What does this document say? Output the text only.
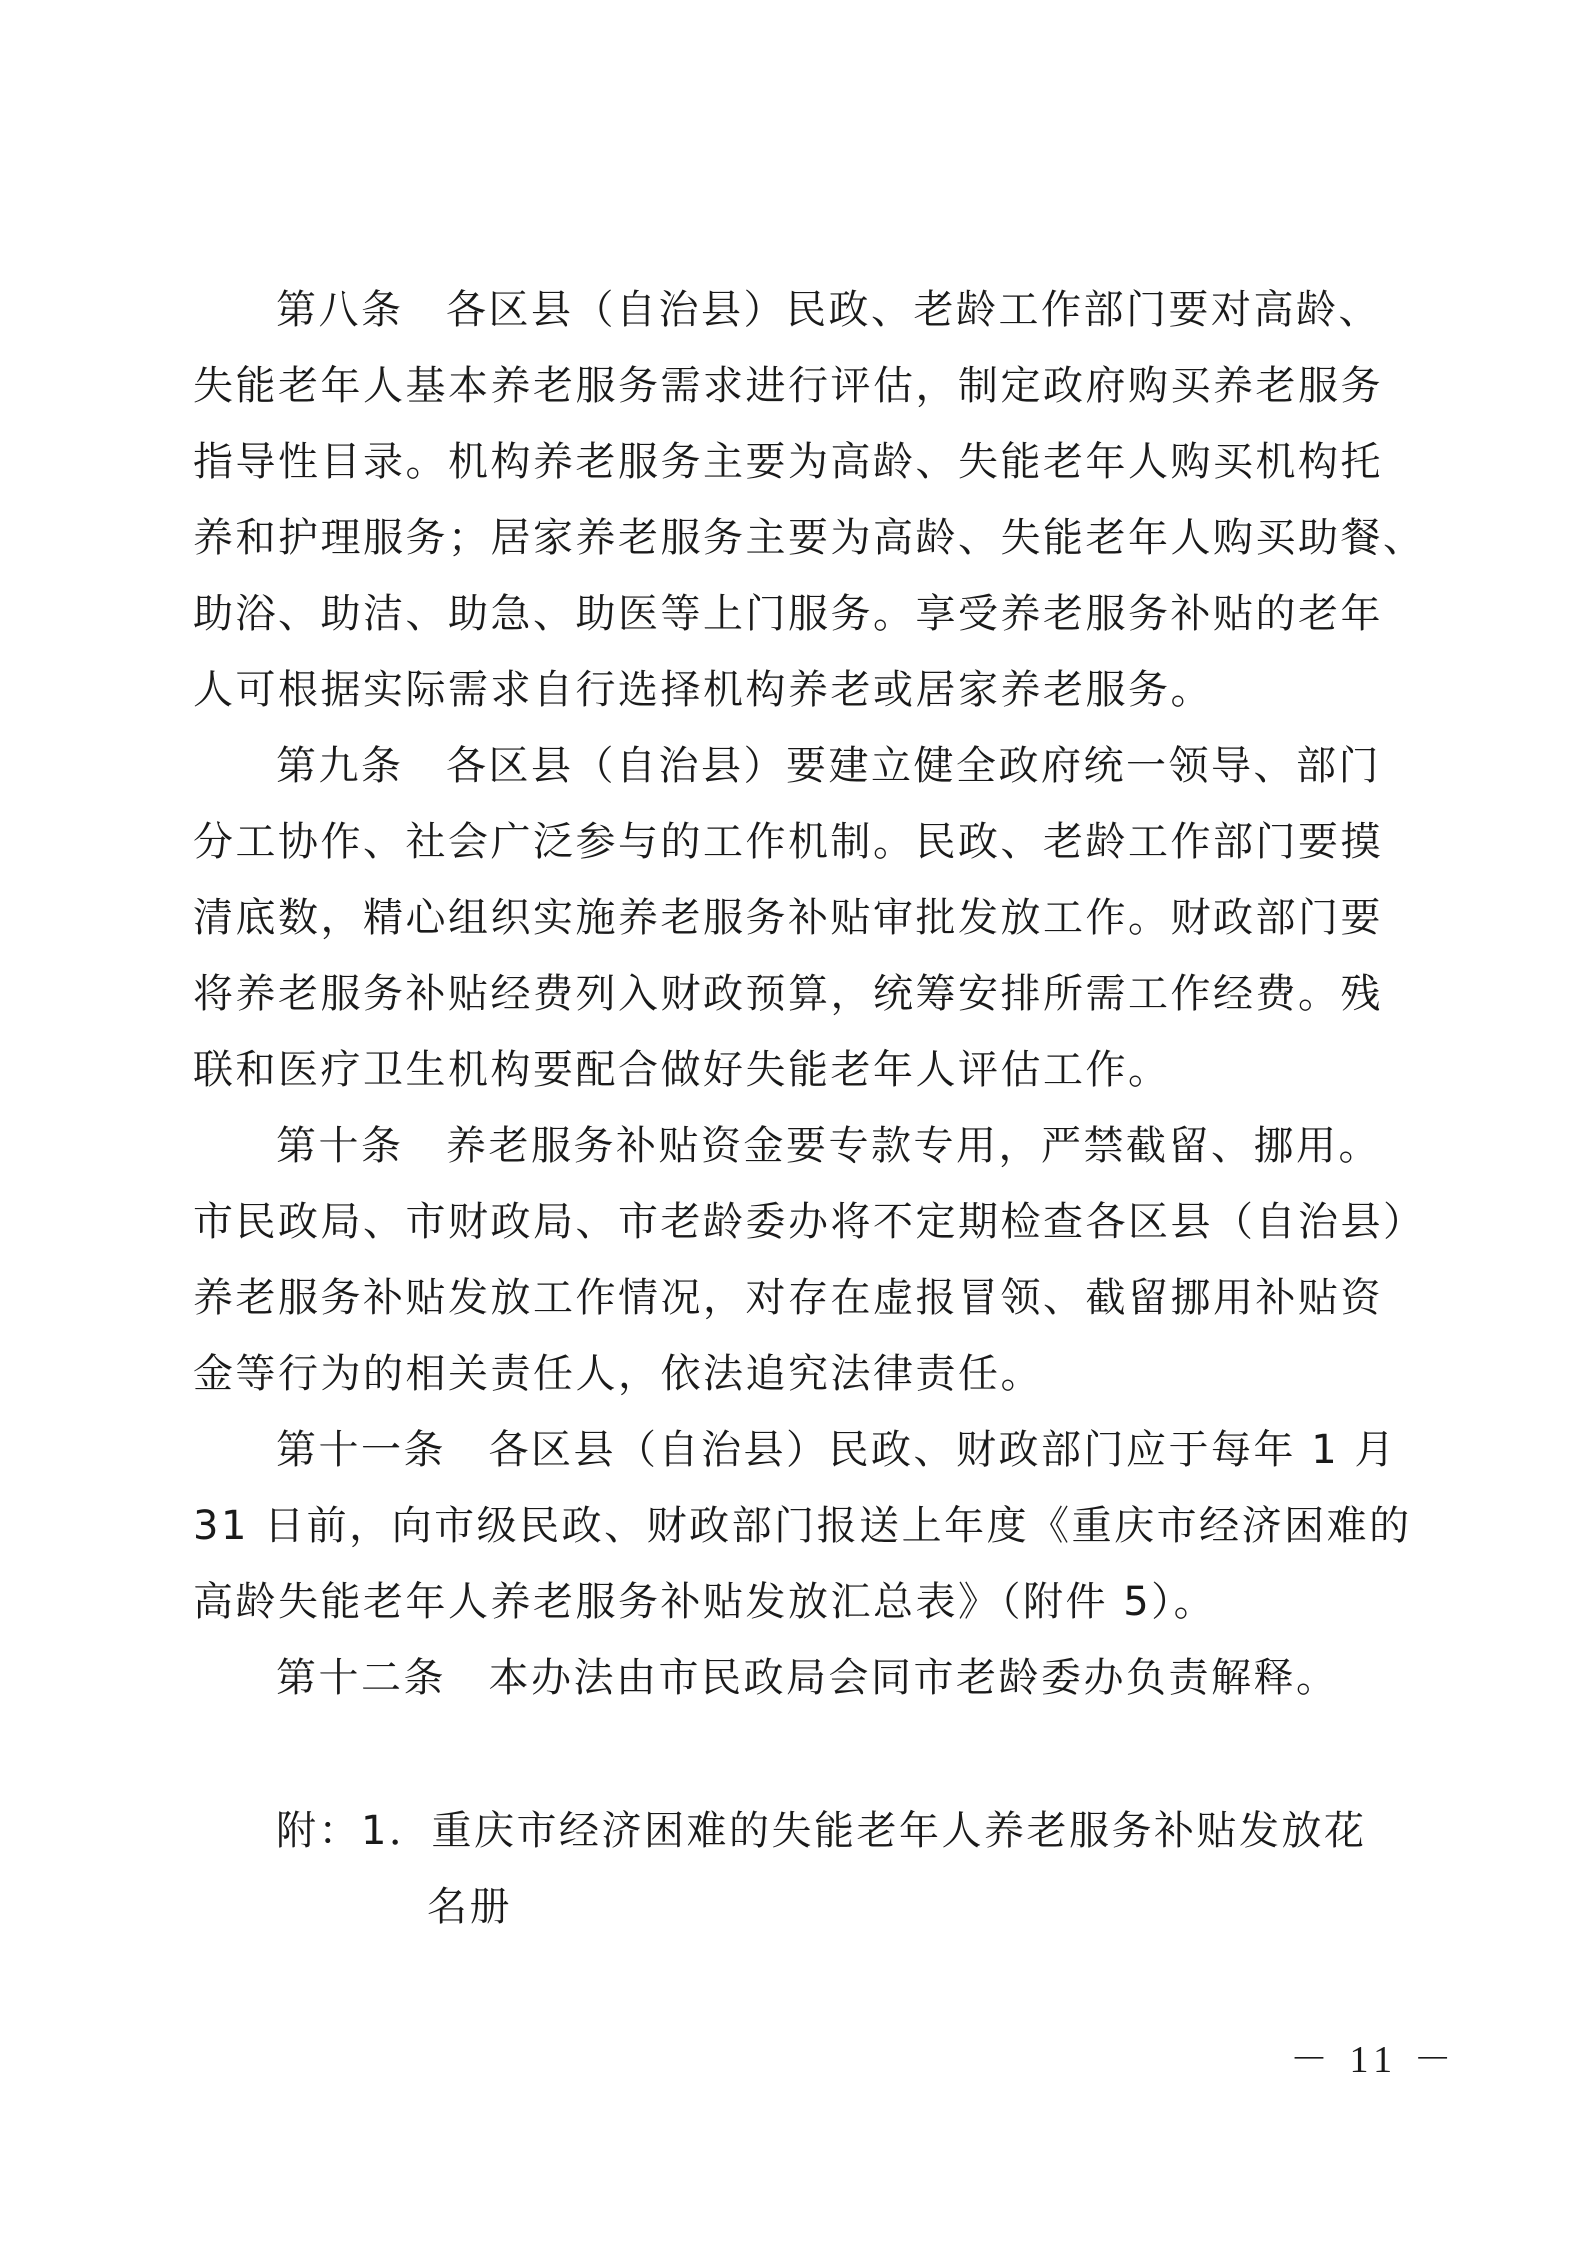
第八条　各区县（自治县）民政、老龄工作部门要对高龄、
失能老年人基本养老服务需求进行评估，制定政府购买养老服务
指导性目录。机构养老服务主要为高龄、失能老年人购买机构托
养和护理服务；居家养老服务主要为高龄、失能老年人购买助餐、
助浴、助洁、助急、助医等上门服务。享受养老服务补贴的老年
人可根据实际需求自行选择机构养老或居家养老服务。
第九条　各区县（自治县）要建立健全政府统一领导、部门
分工协作、社会广泛参与的工作机制。民政、老龄工作部门要摸
清底数，精心组织实施养老服务补贴审批发放工作。财政部门要
将养老服务补贴经费列入财政预算，统筹安排所需工作经费。残
联和医疗卫生机构要配合做好失能老年人评估工作。
第十条　养老服务补贴资金要专款专用，严禁截留、挪用。
市民政局、市财政局、市老龄委办将不定期检查各区县（自治县）
养老服务补贴发放工作情况，对存在虚报冒领、截留挪用补贴资
金等行为的相关责任人，依法追究法律责任。
第十一条　各区县（自治县）民政、财政部门应于每年 1 月
31 日前，向市级民政、财政部门报送上年度《重庆市经济困难的
高龄失能老年人养老服务补贴发放汇总表》（附件 5）。
第十二条　本办法由市民政局会同市老龄委办负责解释。
附：1．重庆市经济困难的失能老年人养老服务补贴发放花
名册
－ 11 －
